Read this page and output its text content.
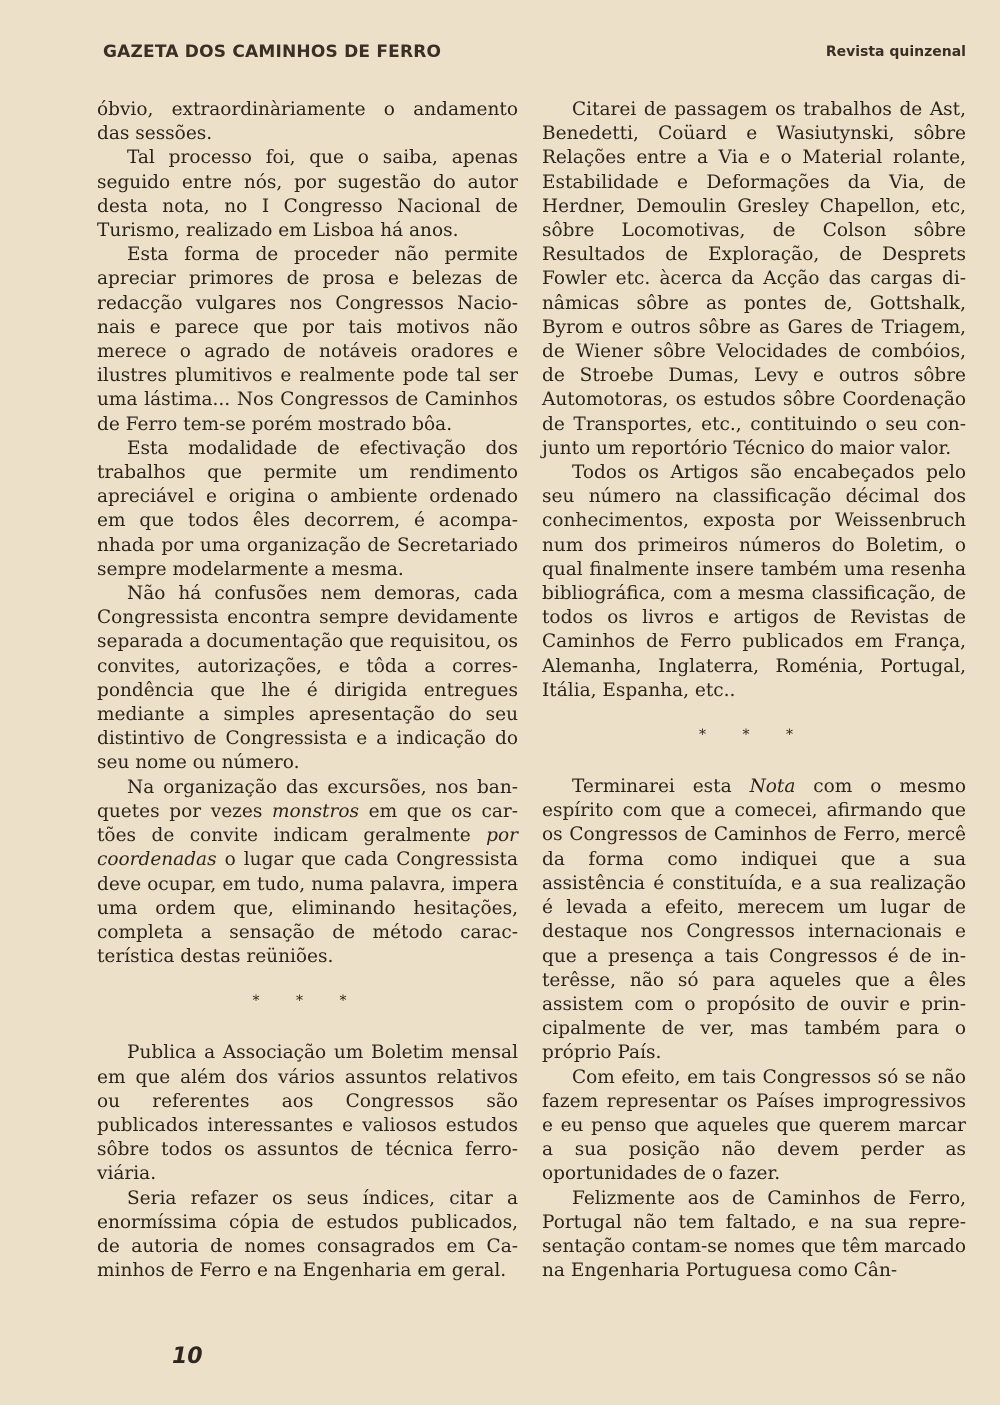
GAZETA DOS CAMINHOS DE FERRO	Revista quinzenal

óbvio, extraordinàriamente o andamento das sessões.

Tal processo foi, que o saiba, apenas seguido entre nós, por sugestão do autor desta nota, no I Congresso Nacional de Turismo, realizado em Lisboa há anos.

Esta forma de proceder não permite apreciar primores de prosa e belezas de redacção vulgares nos Congressos Nacionais e parece que por tais motivos não merece o agrado de notáveis oradores e ilustres plumitivos e realmente pode tal ser uma lástima... Nos Congressos de Caminhos de Ferro tem-se porém mostrado bôa.

Esta modalidade de efectivação dos trabalhos que permite um rendimento apreciável e origina o ambiente ordenado em que todos êles decorrem, é acompanhada por uma organização de Secretariado sempre modelarmente a mesma.

Não há confusões nem demoras, cada Congressista encontra sempre devidamente separada a documentação que requisitou, os convites, autorizações, e tôda a correspondência que lhe é dirigida entregues mediante a simples apresentação do seu distintivo de Congressista e a indicação do seu nome ou número.

Na organização das excursões, nos banquetes por vezes monstros em que os cartões de convite indicam geralmente por coordenadas o lugar que cada Congressista deve ocupar, em tudo, numa palavra, impera uma ordem que, eliminando hesitações, completa a sensação de método característica destas reüniões.

* * *

Publica a Associação um Boletim mensal em que além dos vários assuntos relativos ou referentes aos Congressos são publicados interessantes e valiosos estudos sôbre todos os assuntos de técnica ferroviária.

Seria refazer os seus índices, citar a enormíssima cópia de estudos publicados, de autoria de nomes consagrados em Caminhos de Ferro e na Engenharia em geral.

Citarei de passagem os trabalhos de Ast, Benedetti, Coüard e Wasiutynski, sôbre Relações entre a Via e o Material rolante, Estabilidade e Deformações da Via, de Herdner, Demoulin Gresley Chapellon, etc, sôbre Locomotivas, de Colson sôbre Resultados de Exploração, de Desprets Fowler etc. àcerca da Acção das cargas dinâmicas sôbre as pontes de, Gottshalk, Byrom e outros sôbre as Gares de Triagem, de Wiener sôbre Velocidades de combóios, de Stroebe Dumas, Levy e outros sôbre Automotoras, os estudos sôbre Coordenação de Transportes, etc., contituindo o seu conjunto um reportório Técnico do maior valor.

Todos os Artigos são encabeçados pelo seu número na classificação décimal dos conhecimentos, exposta por Weissenbruch num dos primeiros números do Boletim, o qual finalmente insere também uma resenha bibliográfica, com a mesma classificação, de todos os livros e artigos de Revistas de Caminhos de Ferro publicados em França, Alemanha, Inglaterra, Roménia, Portugal, Itália, Espanha, etc..

* * *

Terminarei esta Nota com o mesmo espírito com que a comecei, afirmando que os Congressos de Caminhos de Ferro, mercê da forma como indiquei que a sua assistência é constituída, e a sua realização é levada a efeito, merecem um lugar de destaque nos Congressos internacionais e que a presença a tais Congressos é de interêsse, não só para aqueles que a êles assistem com o propósito de ouvir e principalmente de ver, mas também para o próprio País.

Com efeito, em tais Congressos só se não fazem representar os Países improgressivos e eu penso que aqueles que querem marcar a sua posição não devem perder as oportunidades de o fazer.

Felizmente aos de Caminhos de Ferro, Portugal não tem faltado, e na sua representação contam-se nomes que têm marcado na Engenharia Portuguesa como Cân-

10
